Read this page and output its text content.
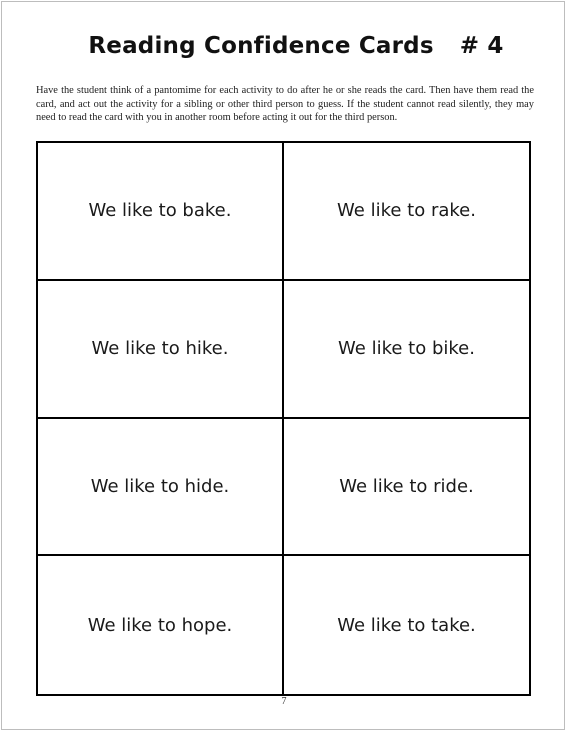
Reading Confidence Cards # 4

Have the student think of a pantomime for each activity to do after he or she reads the card. Then have them read the card, and act out the activity for a sibling or other third person to guess. If the student cannot read silently, they may need to read the card with you in another room before acting it out for the third person.

We like to bake.	We like to rake.
We like to hike.	We like to bike.
We like to hide.	We like to ride.
We like to hope.	We like to take.
7
